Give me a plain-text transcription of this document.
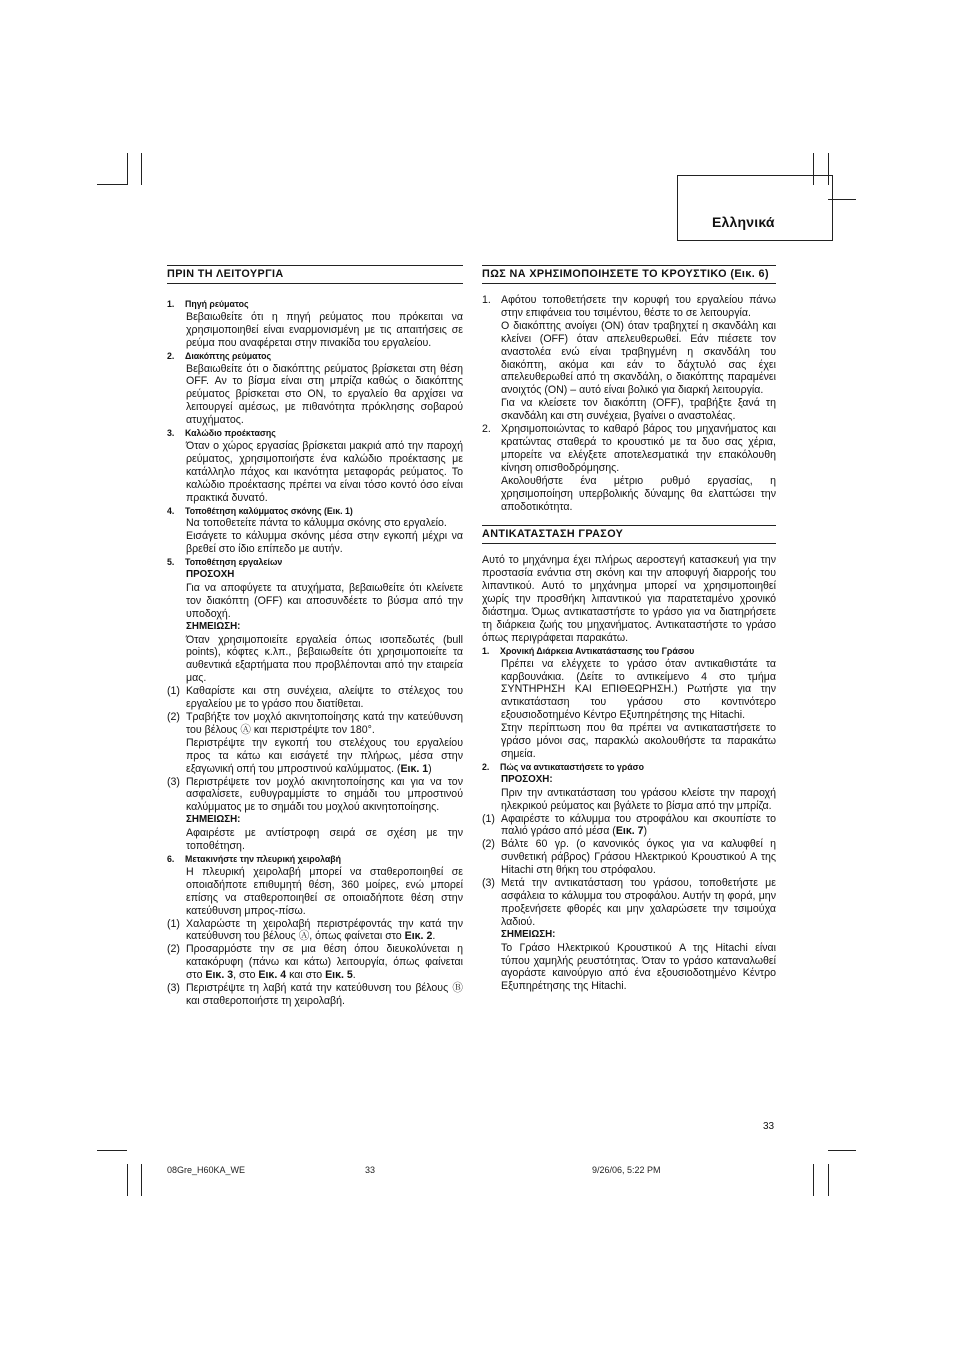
Ελληνικά
ΠΡΙΝ ΤΗ ΛΕΙΤΟΥΡΓΙΑ
1. Πηγή ρεύματος
Βεβαιωθείτε ότι η πηγή ρεύματος που πρόκειται να χρησιμοποιηθεί είναι εναρμονισμένη με τις απαιτήσεις σε ρεύμα που αναφέρεται στην πινακίδα του εργαλείου.
2. Διακόπτης ρεύματος
Βεβαιωθείτε ότι ο διακόπτης ρεύματος βρίσκεται στη θέση OFF. Αν το βίσμα είναι στη μπρίζα καθώς ο διακόπτης ρεύματος βρίσκεται στο ON, το εργαλείο θα αρχίσει να λειτουργεί αμέσως, με πιθανότητα πρόκλησης σοβαρού ατυχήματος.
3. Καλώδιο προέκτασης
Όταν ο χώρος εργασίας βρίσκεται μακριά από την παροχή ρεύματος, χρησιμοποιήστε ένα καλώδιο προέκτασης με κατάλληλο πάχος και ικανότητα μεταφοράς ρεύματος. Το καλώδιο προέκτασης πρέπει να είναι τόσο κοντό όσο είναι πρακτικά δυνατό.
4. Τοποθέτηση καλύμματος σκόνης (Εικ. 1)
Να τοποθετείτε πάντα το κάλυμμα σκόνης στο εργαλείο.
Εισάγετε το κάλυμμα σκόνης μέσα στην εγκοπή μέχρι να βρεθεί στο ίδιο επίπεδο με αυτήν.
5. Τοποθέτηση εργαλείων
ΠΡΟΣΟΧΗ
Για να αποφύγετε τα ατυχήματα, βεβαιωθείτε ότι κλείνετε τον διακόπτη (OFF) και αποσυνδέετε το βύσμα από την υποδοχή.
ΣΗΜΕΙΩΣΗ:
Όταν χρησιμοποιείτε εργαλεία όπως ισοπεδωτές (bull points), κόφτες κ.λπ., βεβαιωθείτε ότι χρησιμοποιείτε τα αυθεντικά εξαρτήματα που προβλέπονται από την εταιρεία μας.
(1) Καθαρίστε και στη συνέχεια, αλείψτε το στέλεχος του εργαλείου με το γράσο που διατίθεται.
(2) Τραβήξτε τον μοχλό ακινητοποίησης κατά την κατεύθυνση του βέλους Ⓐ και περιστρέψτε τον 180°.
Περιστρέψτε την εγκοπή του στελέχους του εργαλείου προς τα κάτω και εισάγετέ την πλήρως, μέσα στην εξαγωνική οπή του μπροστινού καλύμματος. (Εικ. 1)
(3) Περιστρέψετε τον μοχλό ακινητοποίησης και για να τον ασφαλίσετε, ευθυγραμμίστε το σημάδι του μπροστινού καλύμματος με το σημάδι του μοχλού ακινητοποίησης.
ΣΗΜΕΙΩΣΗ:
Αφαιρέστε με αντίστροφη σειρά σε σχέση με την τοποθέτηση.
6. Μετακινήστε την πλευρική χειρολαβή
Η πλευρική χειρολαβή μπορεί να σταθεροποιηθεί σε οποιαδήποτε επιθυμητή θέση, 360 μοίρες, ενώ μπορεί επίσης να σταθεροποιηθεί σε οποιαδήποτε θέση στην κατεύθυνση μπρος-πίσω.
(1) Χαλαρώστε τη χειρολαβή περιστρέφοντάς την κατά την κατεύθυνση του βέλους Ⓐ, όπως φαίνεται στο Εικ. 2.
(2) Προσαρμόστε την σε μια θέση όπου διευκολύνεται η κατακόρυφη (πάνω και κάτω) λειτουργία, όπως φαίνεται στο Εικ. 3, στο Εικ. 4 και στο Εικ. 5.
(3) Περιστρέψτε τη λαβή κατά την κατεύθυνση του βέλους Ⓑ και σταθεροποιήστε τη χειρολαβή.
ΠΩΣ ΝΑ ΧΡΗΣΙΜΟΠΟΙΗΣΕΤΕ ΤΟ ΚΡΟΥΣΤΙΚΟ (Εικ. 6)
1. Αφότου τοποθετήσετε την κορυφή του εργαλείου πάνω στην επιφάνεια του τσιμέντου, θέστε το σε λειτουργία.
Ο διακόπτης ανοίγει (ON) όταν τραβηχτεί η σκανδάλη και κλείνει (OFF) όταν απελευθερωθεί. Εάν πιέσετε τον αναστολέα ενώ είναι τραβηγμένη η σκανδάλη του διακόπτη, ακόμα και εάν το δάχτυλό σας έχει απελευθερωθεί από τη σκανδάλη, ο διακόπτης παραμένει ανοιχτός (ON) – αυτό είναι βολικό για διαρκή λειτουργία.
Για να κλείσετε τον διακόπτη (OFF), τραβήξτε ξανά τη σκανδάλη και στη συνέχεια, βγαίνει ο αναστολέας.
2. Χρησιμοποιώντας το καθαρό βάρος του μηχανήματος και κρατώντας σταθερά το κρουστικό με τα δυο σας χέρια, μπορείτε να ελέγξετε αποτελεσματικά την επακόλουθη κίνηση οπισθοδρόμησης.
Ακολουθήστε ένα μέτριο ρυθμό εργασίας, η χρησιμοποίηση υπερβολικής δύναμης θα ελαττώσει την αποδοτικότητα.
ΑΝΤΙΚΑΤΑΣΤΑΣΗ ΓΡΑΣΟΥ
Αυτό το μηχάνημα έχει πλήρως αεροστεγή κατασκευή για την προστασία ενάντια στη σκόνη και την αποφυγή διαρροής του λιπαντικού. Αυτό το μηχάνημα μπορεί να χρησιμοποιηθεί χωρίς την προσθήκη λιπαντικού για παρατεταμένο χρονικό διάστημα. Όμως αντικαταστήστε το γράσο για να διατηρήσετε τη διάρκεια ζωής του μηχανήματος. Αντικαταστήστε το γράσο όπως περιγράφεται παρακάτω.
1. Χρονική Διάρκεια Αντικατάστασης του Γράσου
Πρέπει να ελέγχετε το γράσο όταν αντικαθιστάτε τα καρβουνάκια. (Δείτε το αντικείμενο 4 στο τμήμα ΣΥΝΤΗΡΗΣΗ ΚΑΙ ΕΠΙΘΕΩΡΗΣΗ.) Ρωτήστε για την αντικατάσταση του γράσου στο κοντινότερο εξουσιοδοτημένο Κέντρο Εξυπηρέτησης της Hitachi.
Στην περίπτωση που θα πρέπει να αντικαταστήσετε το γράσο μόνοι σας, παρακλώ ακολουθήστε τα παρακάτω σημεία.
2. Πώς να αντικαταστήσετε το γράσο
ΠΡΟΣΟΧΗ:
Πριν την αντικατάσταση του γράσου κλείστε την παροχή ηλεκρικού ρεύματος και βγάλετε το βίσμα από την μπρίζα.
(1) Αφαιρέστε το κάλυμμα του στροφάλου και σκουπίστε το παλιό γράσο από μέσα (Εικ. 7)
(2) Βάλτε 60 γρ. (ο κανονικός όγκος για να καλυφθεί η συνθετική ράβρος) Γράσου Ηλεκτρικού Κρουστικού A της Hitachi στη θήκη του στρόφαλου.
(3) Μετά την αντικατάσταση του γράσου, τοποθετήστε με ασφάλεια το κάλυμμα του στροφάλου. Αυτήν τη φορά, μην προξενήσετε φθορές και μην χαλαρώσετε την τσιμούχα λαδιού.
ΣΗΜΕΙΩΣΗ:
Το Γράσο Ηλεκτρικού Κρουστικού A της Hitachi είναι τύπου χαμηλής ρευστότητας. Όταν το γράσο καταναλωθεί αγοράστε καινούργιο από ένα εξουσιοδοτημένο Κέντρο Εξυπηρέτησης της Hitachi.
33
08Gre_H60KA_WE	33	9/26/06, 5:22 PM
